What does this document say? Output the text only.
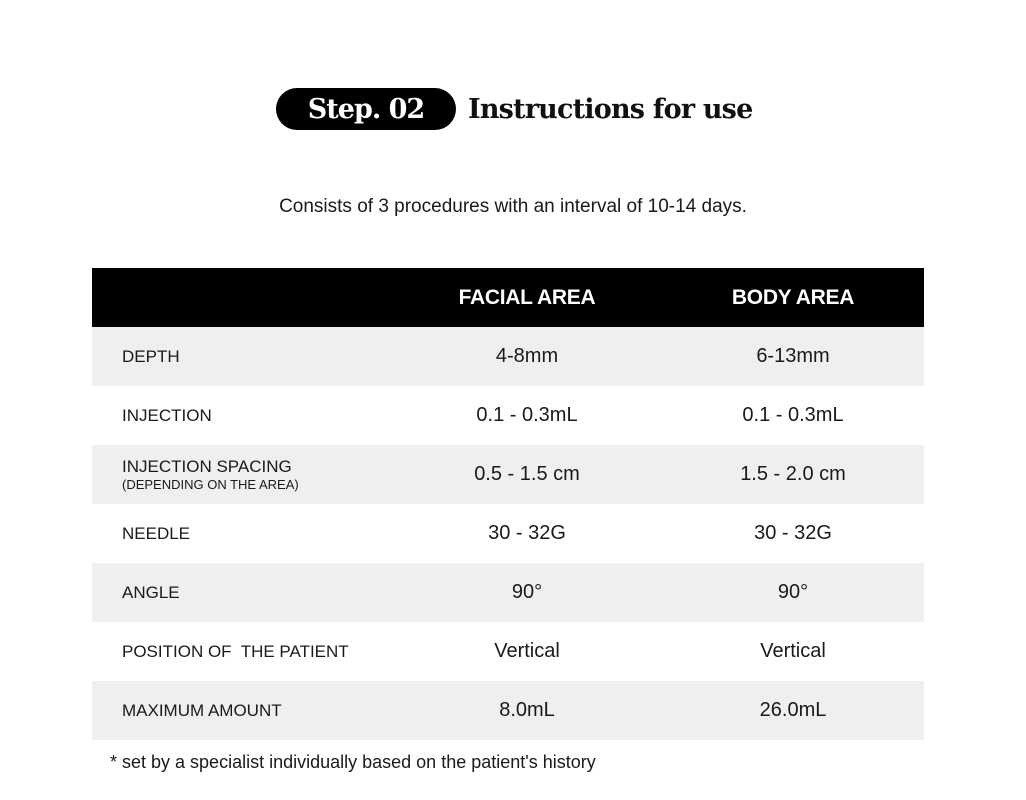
Step. 02	Instructions for use
Consists of 3 procedures with an interval of 10-14 days.
FACIAL AREA	BODY AREA
DEPTH	4-8mm	6-13mm
INJECTION	0.1 - 0.3mL	0.1 - 0.3mL
INJECTION SPACING
(DEPENDING ON THE AREA)	0.5 - 1.5 cm	1.5 - 2.0 cm
NEEDLE	30 - 32G	30 - 32G
ANGLE	90°	90°
POSITION OF  THE PATIENT	Vertical	Vertical
MAXIMUM AMOUNT	8.0mL	26.0mL
* set by a specialist individually based on the patient's history
